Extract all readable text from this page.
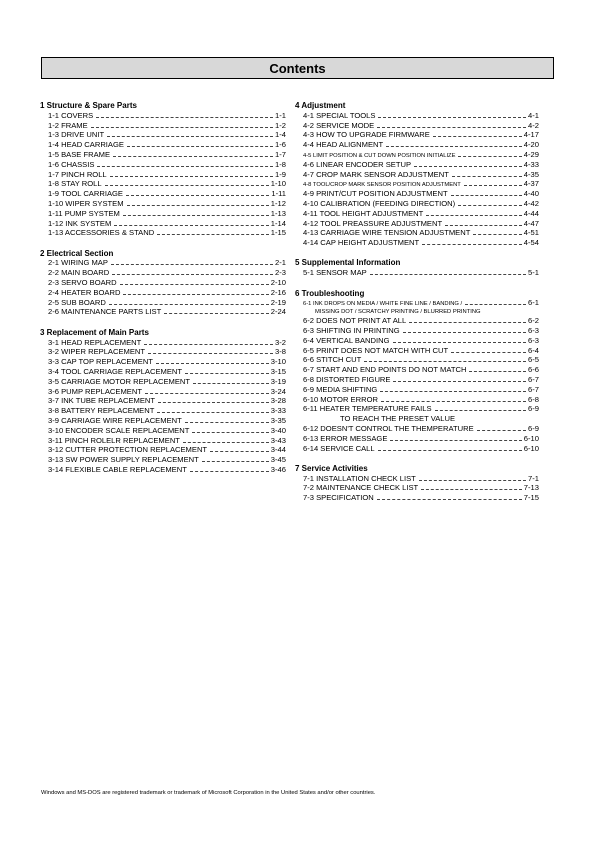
Contents
1 Structure & Spare Parts
1-1 COVERS	1-1
1-2 FRAME	1-2
1-3 DRIVE UNIT	1-4
1-4 HEAD CARRIAGE	1-6
1-5 BASE FRAME	1-7
1-6 CHASSIS	1-8
1-7 PINCH ROLL	1-9
1-8 STAY ROLL	1-10
1-9 TOOL CARRIAGE	1-11
1-10 WIPER SYSTEM	1-12
1-11 PUMP SYSTEM	1-13
1-12 INK SYSTEM	1-14
1-13 ACCESSORIES & STAND	1-15
2 Electrical Section
2-1 WIRING MAP	2-1
2-2 MAIN BOARD	2-3
2-3 SERVO BOARD	2-10
2-4 HEATER BOARD	2-16
2-5 SUB BOARD	2-19
2-6 MAINTENANCE PARTS LIST	2-24
3 Replacement of Main Parts
3-1 HEAD REPLACEMENT	3-2
3-2 WIPER REPLACEMENT	3-8
3-3 CAP TOP REPLACEMENT	3-10
3-4 TOOL CARRIAGE REPLACEMENT	3-15
3-5 CARRIAGE MOTOR REPLACEMENT	3-19
3-6 PUMP REPLACEMENT	3-24
3-7 INK TUBE REPLACEMENT	3-28
3-8 BATTERY REPLACEMENT	3-33
3-9 CARRIAGE WIRE REPLACEMENT	3-35
3-10 ENCODER SCALE REPLACEMENT	3-40
3-11 PINCH ROLELR REPLACEMENT	3-43
3-12 CUTTER PROTECTION REPLACEMENT	3-44
3-13 SW POWER SUPPLY REPLACEMENT	3-45
3-14 FLEXIBLE CABLE REPLACEMENT	3-46
4 Adjustment
4-1 SPECIAL TOOLS	4-1
4-2 SERVICE MODE	4-2
4-3 HOW TO UPGRADE FIRMWARE	4-17
4-4 HEAD ALIGNMENT	4-20
4-5 LIMIT POSITION & CUT DOWN POSITION INITIALIZE	4-29
4-6 LINEAR ENCODER SETUP	4-33
4-7 CROP MARK SENSOR ADJUSTMENT	4-35
4-8 TOOL/CROP MARK SENSOR POSITION ADJUSTMENT	4-37
4-9 PRINT/CUT POSITION ADJUSTMENT	4-40
4-10 CALIBRATION (FEEDING DIRECTION)	4-42
4-11 TOOL HEIGHT ADJUSTMENT	4-44
4-12 TOOL PREASSURE ADJUSTMENT	4-47
4-13 CARRIAGE WIRE TENSION ADJUSTMENT	4-51
4-14 CAP HEIGHT ADJUSTMENT	4-54
5 Supplemental Information
5-1 SENSOR MAP	5-1
6 Troubleshooting
6-1 INK DROPS ON MEDIA / WHITE FINE LINE / BANDING /	6-1
MISSING DOT / SCRATCHY PRINTING / BLURRED PRINTING
6-2 DOES NOT PRINT AT ALL	6-2
6-3 SHIFTING IN PRINTING	6-3
6-4 VERTICAL BANDING	6-3
6-5 PRINT DOES NOT MATCH WITH CUT	6-4
6-6 STITCH CUT	6-5
6-7 START AND END POINTS DO NOT MATCH	6-6
6-8 DISTORTED FIGURE	6-7
6-9 MEDIA SHIFTING	6-7
6-10 MOTOR ERROR	6-8
6-11 HEATER TEMPERATURE FAILS	6-9
TO REACH THE PRESET VALUE
6-12 DOESN'T CONTROL THE THEMPERATURE	6-9
6-13 ERROR MESSAGE	6-10
6-14 SERVICE CALL	6-10
7 Service Activities
7-1 INSTALLATION CHECK LIST	7-1
7-2 MAINTENANCE CHECK LIST	7-13
7-3 SPECIFICATION	7-15
Windows and MS-DOS are registered trademark or trademark of Microsoft Corporation in the United States and/or other countries.
